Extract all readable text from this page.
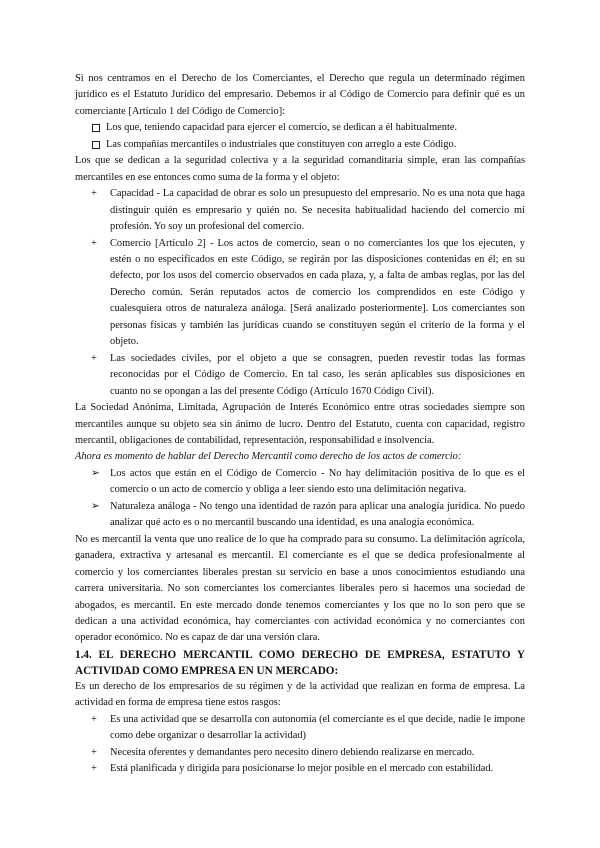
Si nos centramos en el Derecho de los Comerciantes, el Derecho que regula un determinado régimen jurídico es el Estatuto Jurídico del empresario. Debemos ir al Código de Comercio para definir qué es un comerciante [Artículo 1 del Código de Comercio]:

Los que, teniendo capacidad para ejercer el comercio, se dedican a él habitualmente.
Las compañías mercantiles o industriales que constituyen con arreglo a este Código.

Los que se dedican a la seguridad colectiva y a la seguridad comanditaria simple, eran las compañías mercantiles en ese entonces como suma de la forma y el objeto:

+ Capacidad - La capacidad de obrar es solo un presupuesto del empresario. No es una nota que haga distinguir quién es empresario y quién no. Se necesita habitualidad haciendo del comercio mi profesión. Yo soy un profesional del comercio.
+ Comercio [Artículo 2] - Los actos de comercio, sean o no comerciantes los que los ejecuten, y estén o no especificados en este Código, se regirán por las disposiciones contenidas en él; en su defecto, por los usos del comercio observados en cada plaza, y, a falta de ambas reglas, por las del Derecho común. Serán reputados actos de comercio los comprendidos en este Código y cualesquiera otros de naturaleza análoga. [Será analizado posteriormente]. Los comerciantes son personas físicas y también las jurídicas cuando se constituyen según el criterio de la forma y el objeto.
+ Las sociedades civiles, por el objeto a que se consagren, pueden revestir todas las formas reconocidas por el Código de Comercio. En tal caso, les serán aplicables sus disposiciones en cuanto no se opongan a las del presente Código (Artículo 1670 Código Civil).

La Sociedad Anónima, Limitada, Agrupación de Interés Económico entre otras sociedades siempre son mercantiles aunque su objeto sea sin ánimo de lucro. Dentro del Estatuto, cuenta con capacidad, registro mercantil, obligaciones de contabilidad, representación, responsabilidad e insolvencia.

Ahora es momento de hablar del Derecho Mercantil como derecho de los actos de comercio:

➢ Los actos que están en el Código de Comercio - No hay delimitación positiva de lo que es el comercio o un acto de comercio y obliga a leer siendo esto una delimitación negativa.
➢ Naturaleza análoga - No tengo una identidad de razón para aplicar una analogía jurídica. No puedo analizar qué acto es o no mercantil buscando una identidad, es una analogía económica.

No es mercantil la venta que uno realice de lo que ha comprado para su consumo. La delimitación agrícola, ganadera, extractiva y artesanal es mercantil. El comerciante es el que se dedica profesionalmente al comercio y los comerciantes liberales prestan su servicio en base a unos conocimientos estudiando una carrera universitaria. No son comerciantes los comerciantes liberales pero si hacemos una sociedad de abogados, es mercantil. En este mercado donde tenemos comerciantes y los que no lo son pero que se dedican a una actividad económica, hay comerciantes con actividad económica y no comerciantes con operador económico. No es capaz de dar una versión clara.

1.4. EL DERECHO MERCANTIL COMO DERECHO DE EMPRESA, ESTATUTO Y ACTIVIDAD COMO EMPRESA EN UN MERCADO:

Es un derecho de los empresarios de su régimen y de la actividad que realizan en forma de empresa. La actividad en forma de empresa tiene estos rasgos:

+ Es una actividad que se desarrolla con autonomía (el comerciante es el que decide, nadie le impone como debe organizar o desarrollar la actividad)
+ Necesita oferentes y demandantes pero necesito dinero debiendo realizarse en mercado.
+ Está planificada y dirigida para posicionarse lo mejor posible en el mercado con estabilidad.
